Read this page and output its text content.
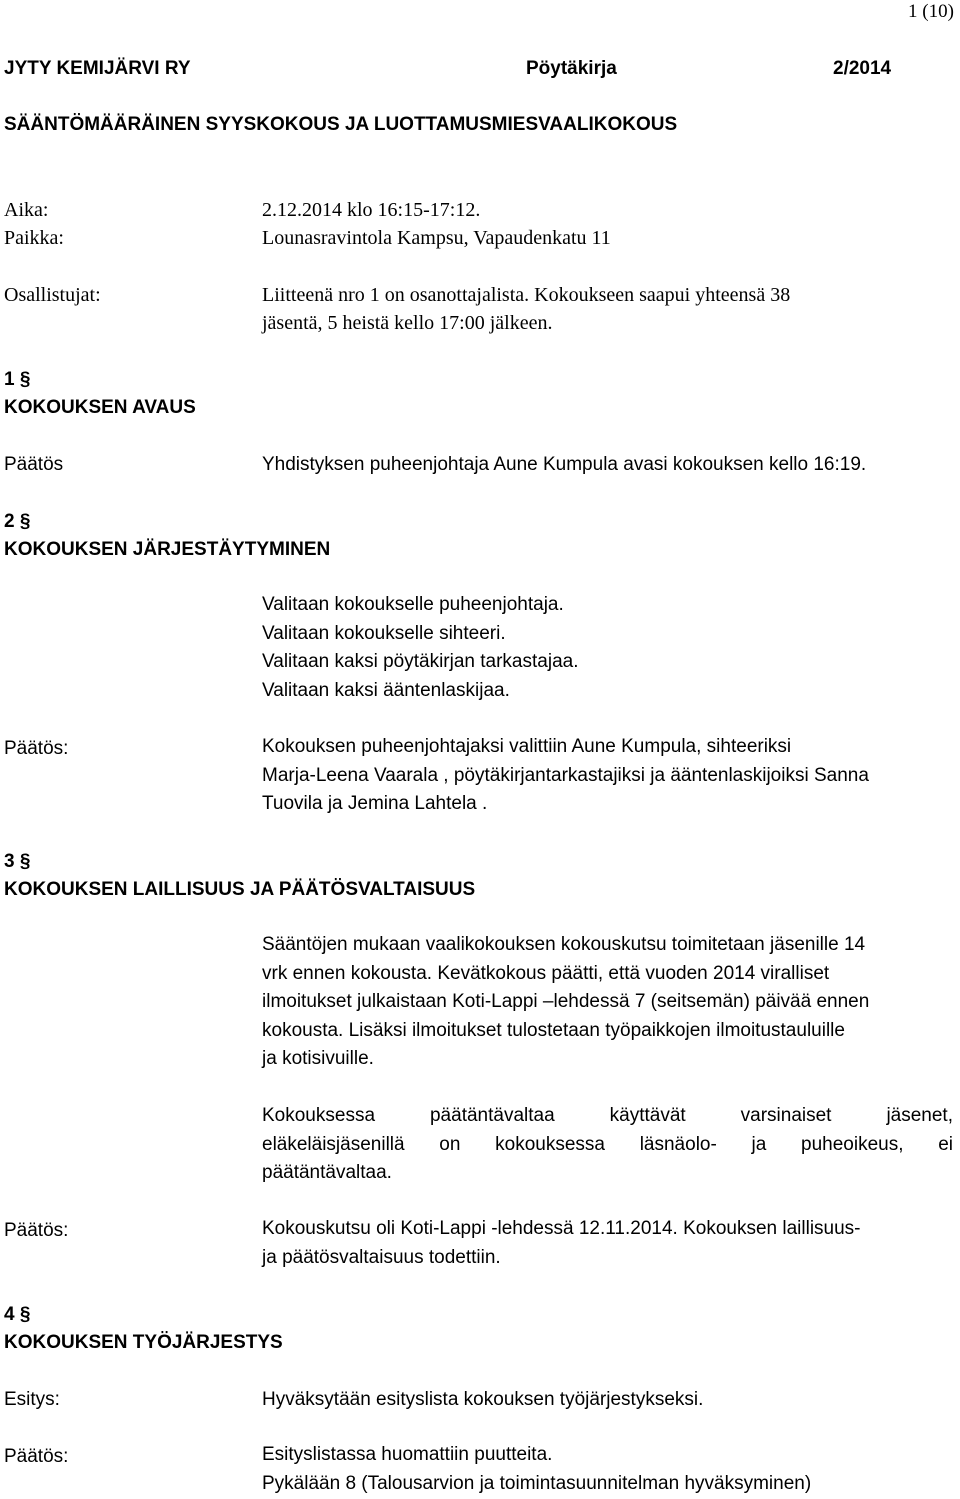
1 (10)
JYTY KEMIJÄRVI RY	Pöytäkirja	2/2014
SÄÄNTÖMÄÄRÄINEN SYYSKOKOUS JA LUOTTAMUSMIESVAALIKOKOUS
Aika:	2.12.2014 klo 16:15-17:12.
Paikka:	Lounasravintola Kampsu, Vapaudenkatu 11
Osallistujat:	Liitteenä nro 1 on osanottajalista. Kokoukseen saapui yhteensä 38
jäsentä, 5 heistä kello 17:00 jälkeen.
1 §
KOKOUKSEN AVAUS
Päätös	Yhdistyksen puheenjohtaja Aune Kumpula avasi kokouksen kello 16:19.
2 §
KOKOUKSEN JÄRJESTÄYTYMINEN
Valitaan kokoukselle puheenjohtaja.
Valitaan kokoukselle sihteeri.
Valitaan kaksi pöytäkirjan tarkastajaa.
Valitaan kaksi ääntenlaskijaa.
Päätös:	Kokouksen puheenjohtajaksi valittiin Aune Kumpula, sihteeriksi
Marja-Leena Vaarala , pöytäkirjantarkastajiksi ja ääntenlaskijoiksi Sanna
Tuovila ja Jemina Lahtela .
3 §
KOKOUKSEN LAILLISUUS JA PÄÄTÖSVALTAISUUS
Sääntöjen mukaan vaalikokouksen kokouskutsu toimitetaan jäsenille 14
vrk ennen kokousta. Kevätkokous päätti, että vuoden 2014 viralliset
ilmoitukset julkaistaan Koti-Lappi –lehdessä 7 (seitsemän) päivää ennen
kokousta. Lisäksi ilmoitukset tulostetaan työpaikkojen ilmoitustauluille
ja kotisivuille.
Kokouksessa päätäntävaltaa käyttävät varsinaiset jäsenet,
eläkeläisjäsenillä on kokouksessa läsnäolo- ja puheoikeus, ei
päätäntävaltaa.
Päätös:	Kokouskutsu oli Koti-Lappi -lehdessä 12.11.2014. Kokouksen laillisuus-
ja päätösvaltaisuus todettiin.
4 §
KOKOUKSEN TYÖJÄRJESTYS
Esitys:	Hyväksytään esityslista kokouksen työjärjestykseksi.
Päätös:	Esityslistassa huomattiin puutteita.
Pykälään 8 (Talousarvion ja toimintasuunnitelman hyväksyminen)
